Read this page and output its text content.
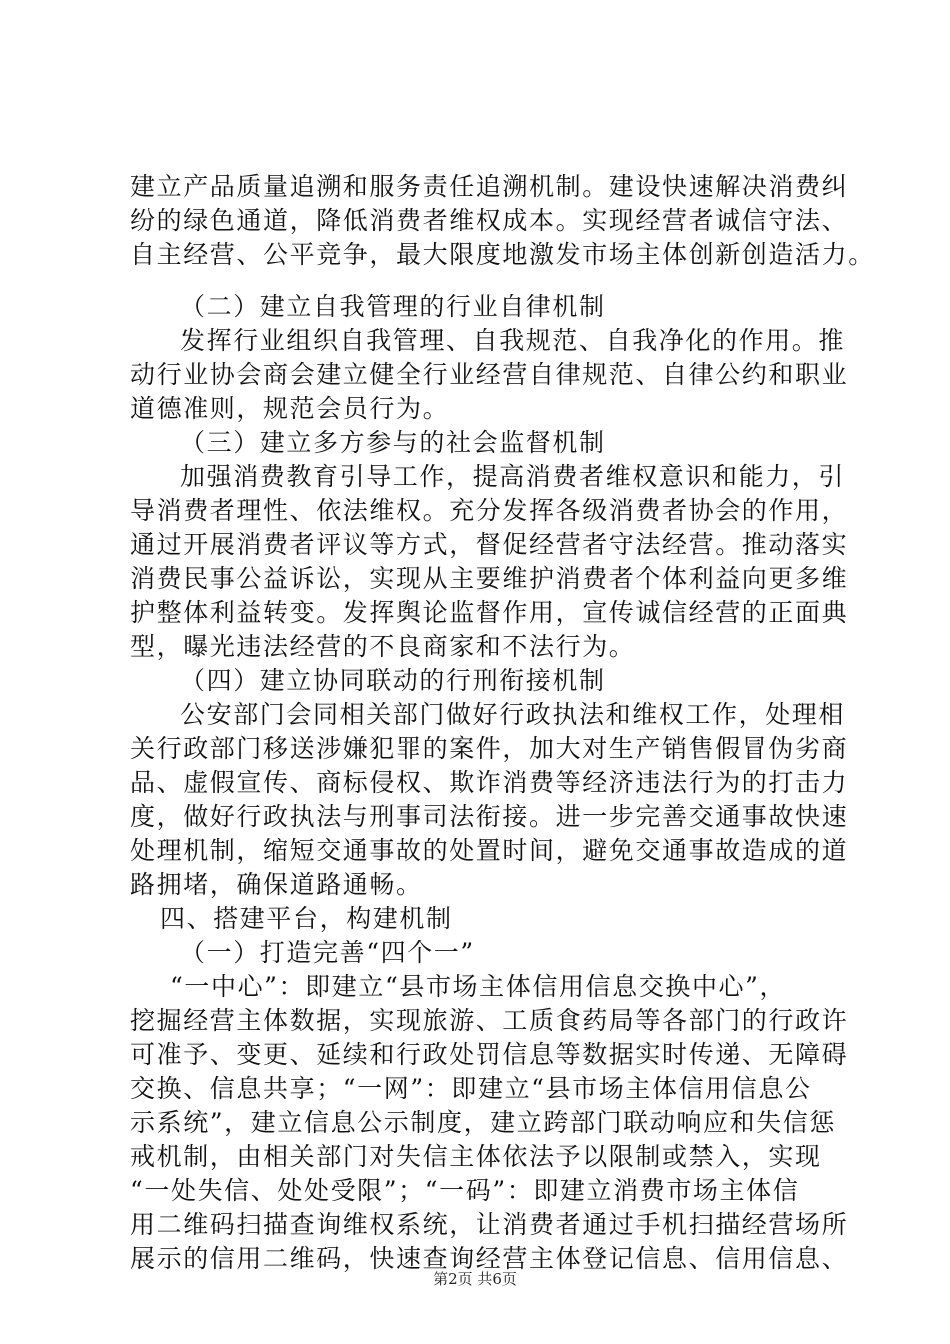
建立产品质量追溯和服务责任追溯机制。建设快速解决消费纠
纷的绿色通道，降低消费者维权成本。实现经营者诚信守法、
自主经营、公平竞争，最大限度地激发市场主体创新创造活力。
（二）建立自我管理的行业自律机制
发挥行业组织自我管理、自我规范、自我净化的作用。推
动行业协会商会建立健全行业经营自律规范、自律公约和职业
道德准则，规范会员行为。
（三）建立多方参与的社会监督机制
加强消费教育引导工作，提高消费者维权意识和能力，引
导消费者理性、依法维权。充分发挥各级消费者协会的作用，
通过开展消费者评议等方式，督促经营者守法经营。推动落实
消费民事公益诉讼，实现从主要维护消费者个体利益向更多维
护整体利益转变。发挥舆论监督作用，宣传诚信经营的正面典
型，曝光违法经营的不良商家和不法行为。
（四）建立协同联动的行刑衔接机制
公安部门会同相关部门做好行政执法和维权工作，处理相
关行政部门移送涉嫌犯罪的案件，加大对生产销售假冒伪劣商
品、虚假宣传、商标侵权、欺诈消费等经济违法行为的打击力
度，做好行政执法与刑事司法衔接。进一步完善交通事故快速
处理机制，缩短交通事故的处置时间，避免交通事故造成的道
路拥堵，确保道路通畅。
四、搭建平台，构建机制
（一）打造完善“四个一”
“一中心”：即建立“县市场主体信用信息交换中心”，
挖掘经营主体数据，实现旅游、工质食药局等各部门的行政许
可准予、变更、延续和行政处罚信息等数据实时传递、无障碍
交换、信息共享；“一网”：即建立“县市场主体信用信息公
示系统”，建立信息公示制度，建立跨部门联动响应和失信惩
戒机制，由相关部门对失信主体依法予以限制或禁入，实现
“一处失信、处处受限”；“一码”：即建立消费市场主体信
用二维码扫描查询维权系统，让消费者通过手机扫描经营场所
展示的信用二维码，快速查询经营主体登记信息、信用信息、
第2页 共6页
